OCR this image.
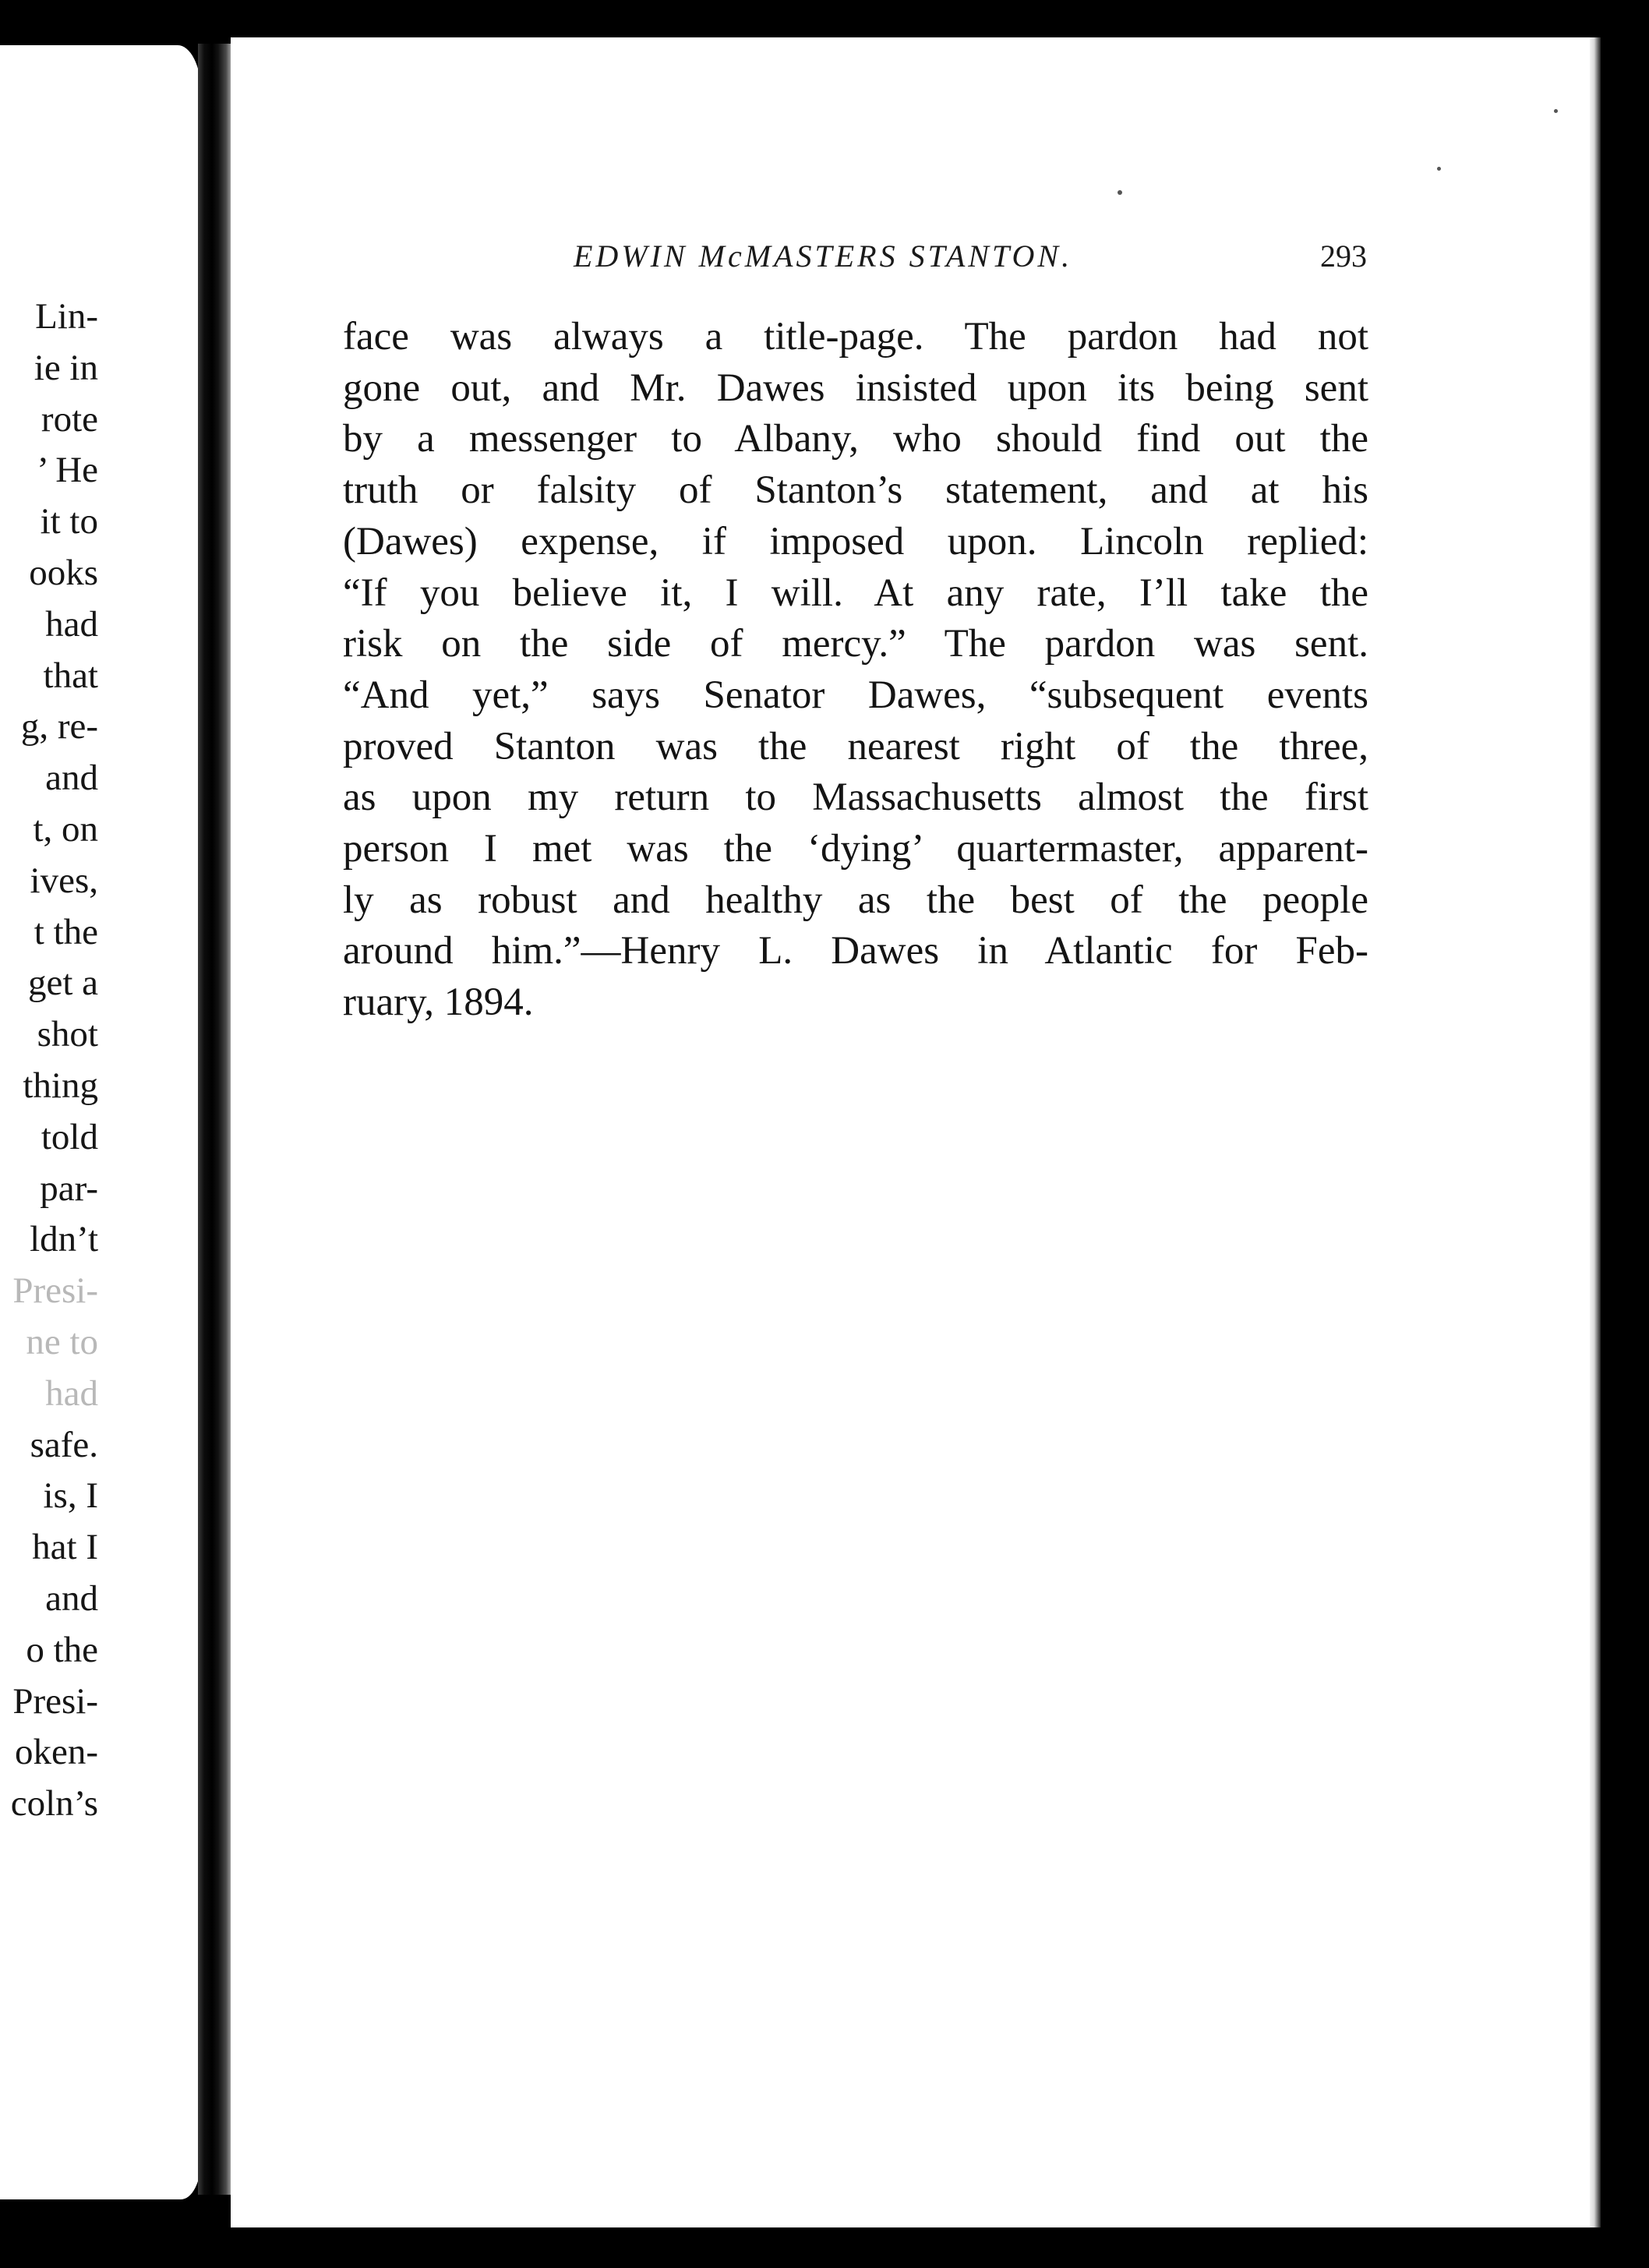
Lin-
ie in
rote
’ He
it to
ooks
had
that
g, re-
and
t, on
ives,
t the
get a
shot
thing
told
par-
ldn’t
Presi-
ne to
had
safe.
is, I
hat I
and
o the
Presi-
oken-
coln’s
EDWIN McMASTERS STANTON.	293
face was always a title-page. The pardon had not
gone out, and Mr. Dawes insisted upon its being sent
by a messenger to Albany, who should find out the
truth or falsity of Stanton’s statement, and at his
(Dawes) expense, if imposed upon. Lincoln replied:
“If you believe it, I will. At any rate, I’ll take the
risk on the side of mercy.” The pardon was sent.
“And yet,” says Senator Dawes, “subsequent events
proved Stanton was the nearest right of the three,
as upon my return to Massachusetts almost the first
person I met was the ‘dying’ quartermaster, apparent-
ly as robust and healthy as the best of the people
around him.”—Henry L. Dawes in Atlantic for Feb-
ruary, 1894.
